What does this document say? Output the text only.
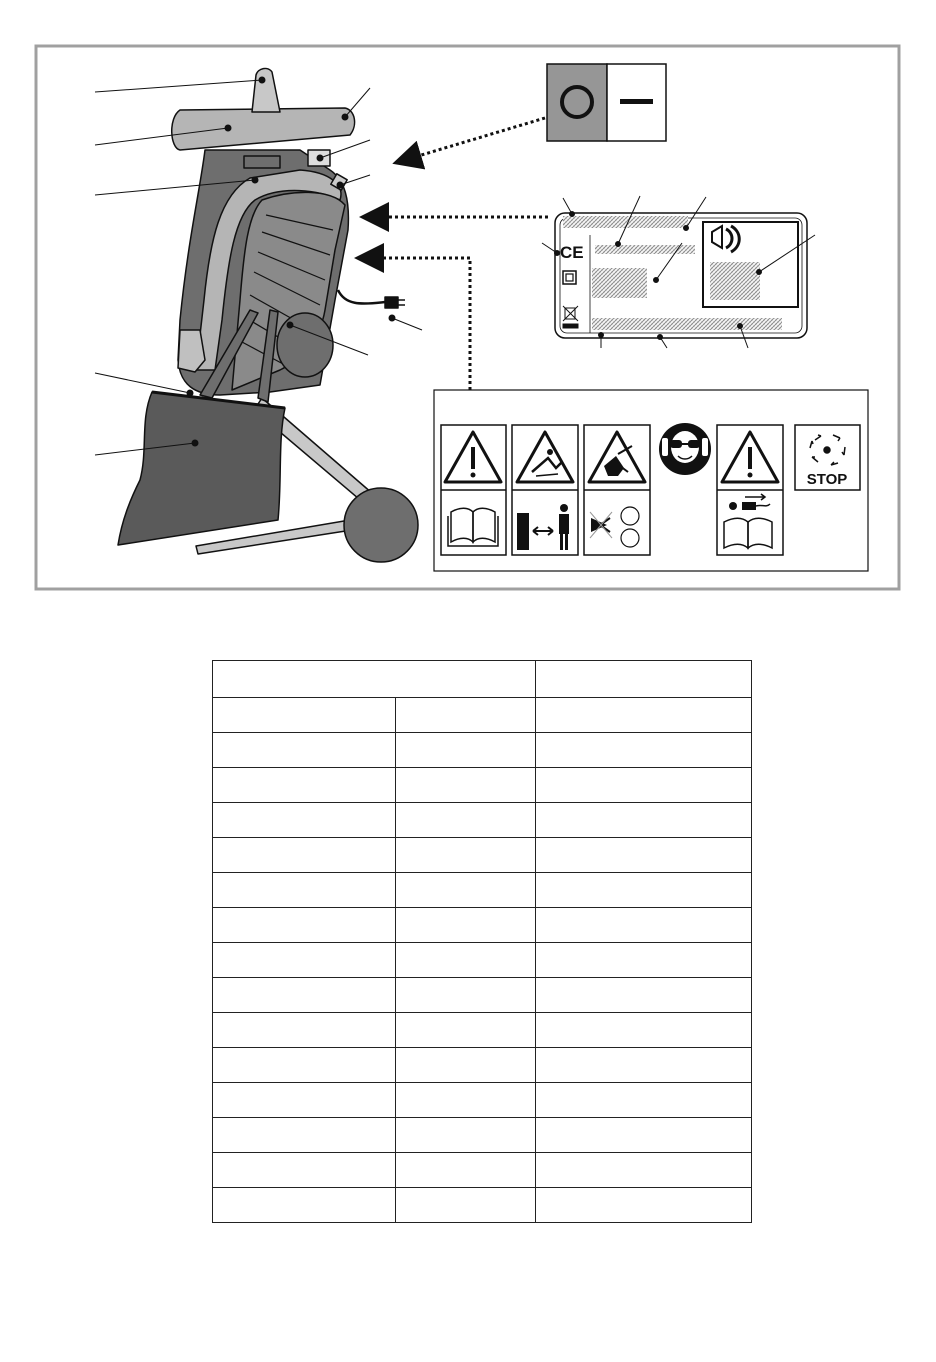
CE
STOP
